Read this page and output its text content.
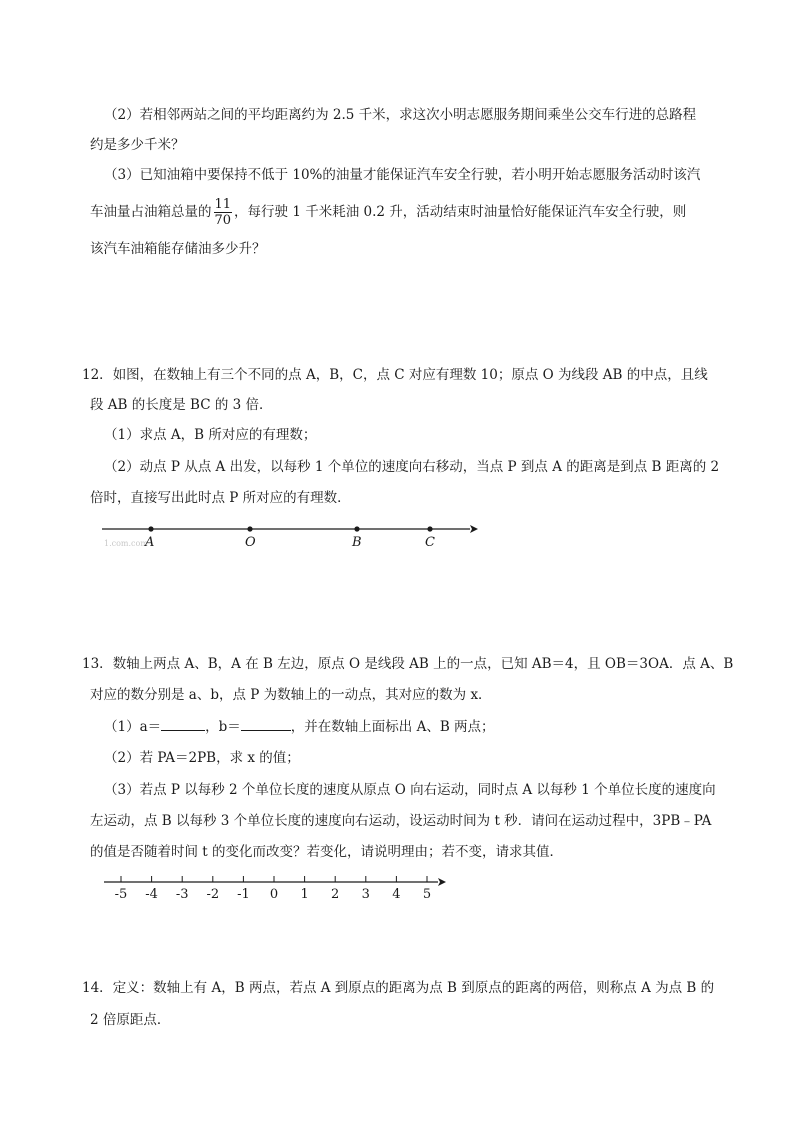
（2）若相邻两站之间的平均距离约为 2.5 千米，求这次小明志愿服务期间乘坐公交车行进的总路程
约是多少千米？
（3）已知油箱中要保持不低于 10%的油量才能保证汽车安全行驶，若小明开始志愿服务活动时该汽
车油量占油箱总量的 $\frac{11}{70}$ ，每行驶 1 千米耗油 0.2 升，活动结束时油量恰好能保证汽车安全行驶，则
该汽车油箱能存储油多少升？
12．如图，在数轴上有三个不同的点 A，B，C，点 C 对应有理数 10；原点 O 为线段 AB 的中点，且线
段 AB 的长度是 BC 的 3 倍．
（1）求点 A，B 所对应的有理数；
（2）动点 P 从点 A 出发，以每秒 1 个单位的速度向右移动，当点 P 到点 A 的距离是到点 B 距离的 2
倍时，直接写出此时点 P 所对应的有理数．
1.com.com
A	O	B	C
13．数轴上两点 A、B，A 在 B 左边，原点 O 是线段 AB 上的一点，已知 AB＝4，且 OB＝3OA．点 A、B
对应的数分别是 a、b，点 P 为数轴上的一动点，其对应的数为 x．
（1）a＝	，b＝	，并在数轴上面标出 A、B 两点；
（2）若 PA＝2PB，求 x 的值；
（3）若点 P 以每秒 2 个单位长度的速度从原点 O 向右运动，同时点 A 以每秒 1 个单位长度的速度向
左运动，点 B 以每秒 3 个单位长度的速度向右运动，设运动时间为 t 秒．请问在运动过程中，3PB﹣PA
的值是否随着时间 t 的变化而改变？若变化，请说明理由；若不变，请求其值．
-5 -4 -3 -2 -1 0 1 2 3 4 5
14．定义：数轴上有 A，B 两点，若点 A 到原点的距离为点 B 到原点的距离的两倍，则称点 A 为点 B 的
2 倍原距点．
